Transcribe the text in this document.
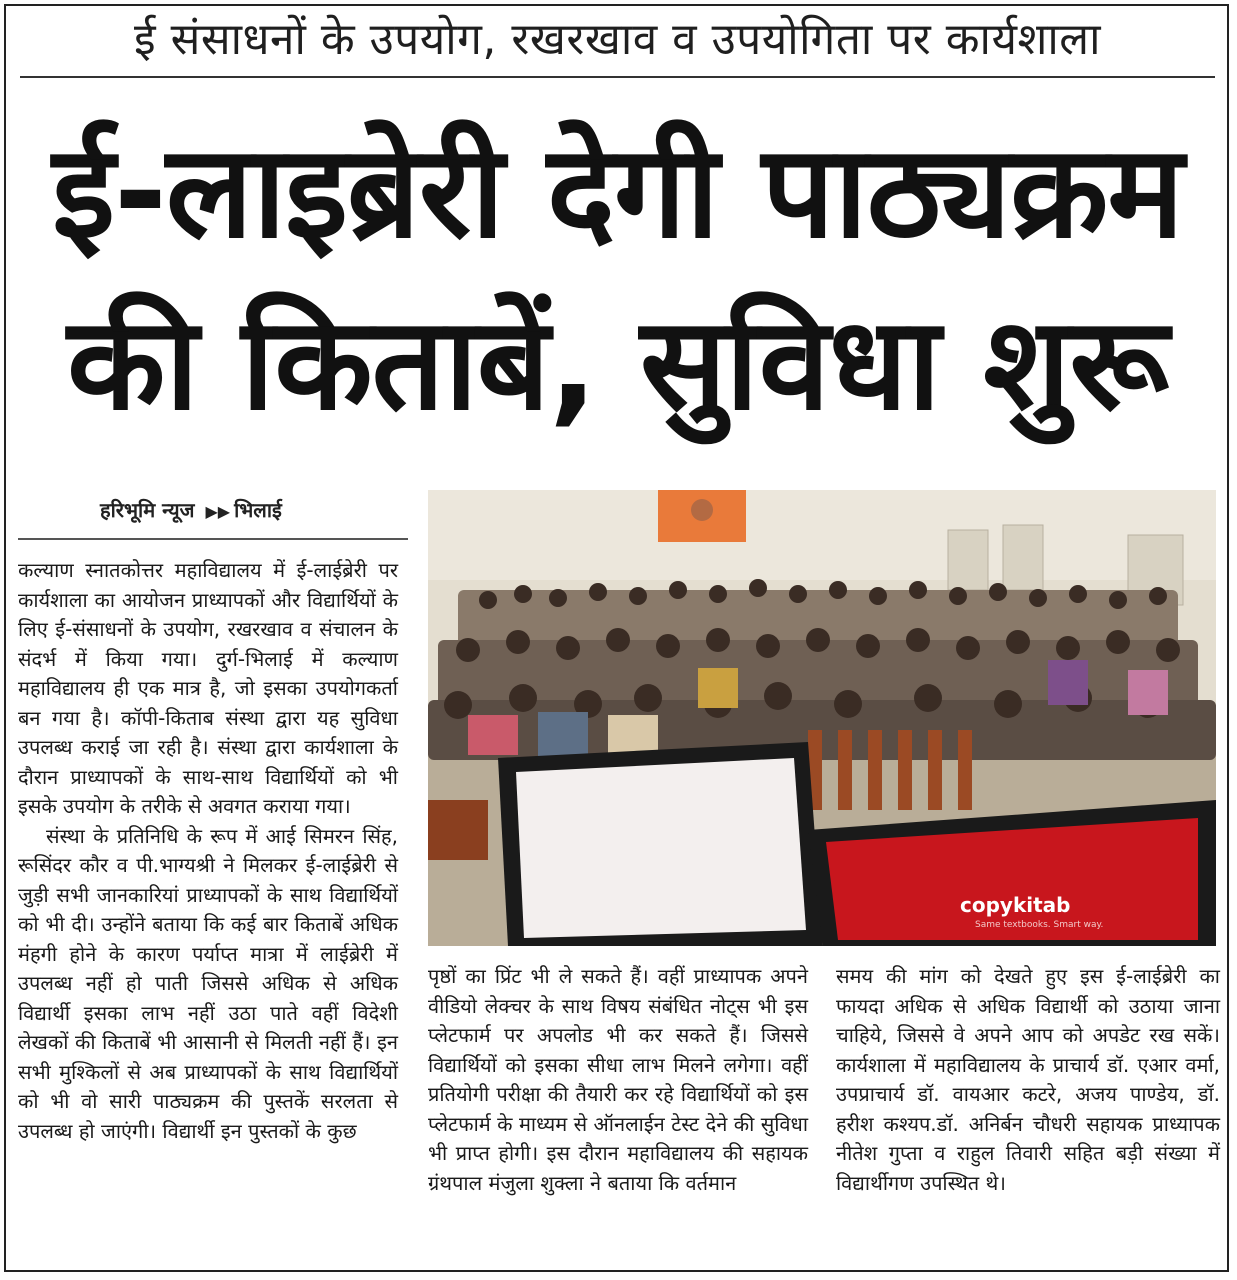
ई संसाधनों के उपयोग, रखरखाव व उपयोगिता पर कार्यशाला
ई-लाइब्रेरी देगी पाठ्यक्रम
की किताबें, सुविधा शुरू
हरिभूमि न्यूज ▶▶ भिलाई

कल्याण स्नातकोत्तर महाविद्यालय में ई-लाईब्रेरी पर कार्यशाला का आयोजन प्राध्यापकों और विद्यार्थियों के लिए ई-संसाधनों के उपयोग, रखरखाव व संचालन के संदर्भ में किया गया। दुर्ग-भिलाई में कल्याण महाविद्यालय ही एक मात्र है, जो इसका उपयोगकर्ता बन गया है। कॉपी-किताब संस्था द्वारा यह सुविधा उपलब्ध कराई जा रही है। संस्था द्वारा कार्यशाला के दौरान प्राध्यापकों के साथ-साथ विद्यार्थियों को भी इसके उपयोग के तरीके से अवगत कराया गया।

संस्था के प्रतिनिधि के रूप में आई सिमरन सिंह, रूसिंदर कौर व पी.भाग्यश्री ने मिलकर ई-लाईब्रेरी से जुड़ी सभी जानकारियां प्राध्यापकों के साथ विद्यार्थियों को भी दी। उन्होंने बताया कि कई बार किताबें अधिक मंहगी होने के कारण पर्याप्त मात्रा में लाईब्रेरी में उपलब्ध नहीं हो पाती जिससे अधिक से अधिक विद्यार्थी इसका लाभ नहीं उठा पाते वहीं विदेशी लेखकों की किताबें भी आसानी से मिलती नहीं हैं। इन सभी मुश्किलों से अब प्राध्यापकों के साथ विद्यार्थियों को भी वो सारी पाठ्यक्रम की पुस्तकें सरलता से उपलब्ध हो जाएंगी। विद्यार्थी इन पुस्तकों के कुछ

copykitab
Same textbooks. Smart way.

पृष्ठों का प्रिंट भी ले सकते हैं। वहीं प्राध्यापक अपने वीडियो लेक्चर के साथ विषय संबंधित नोट्स भी इस प्लेटफार्म पर अपलोड भी कर सकते हैं। जिससे विद्यार्थियों को इसका सीधा लाभ मिलने लगेगा। वहीं प्रतियोगी परीक्षा की तैयारी कर रहे विद्यार्थियों को इस प्लेटफार्म के माध्यम से ऑनलाईन टेस्ट देने की सुविधा भी प्राप्त होगी। इस दौरान महाविद्यालय की सहायक ग्रंथपाल मंजुला शुक्ला ने बताया कि वर्तमान

समय की मांग को देखते हुए इस ई-लाईब्रेरी का फायदा अधिक से अधिक विद्यार्थी को उठाया जाना चाहिये, जिससे वे अपने आप को अपडेट रख सकें। कार्यशाला में महाविद्यालय के प्राचार्य डॉ. एआर वर्मा, उपप्राचार्य डॉ. वायआर कटरे, अजय पाण्डेय, डॉ. हरीश कश्यप.डॉ. अनिर्बन चौधरी सहायक प्राध्यापक नीतेश गुप्ता व राहुल तिवारी सहित बड़ी संख्या में विद्यार्थीगण उपस्थित थे।
